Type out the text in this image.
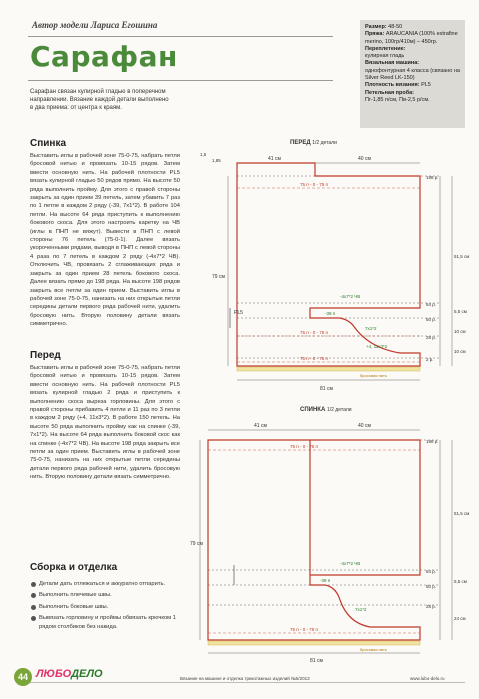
Автор модели Лариса Егошина
Сарафан
Размер: 48-50
Пряжа: ARAUCANIA (100% extrafine merino, 100гр/410м) – 450гр.
Переплетение:
кулирная гладь
Вязальная машина:
однофонтурная 4 класса (связано на Silver Reed LK-150)
Плотность вязания: PL5
Петельная проба:
Пг-1,85 п/см, Пв-2,5 р/см.
Сарафан связан кулирной гладью в поперечном направлении. Вязание каждой детали выполнено в два приема: от центра к краям.
Спинка
Выставить иглы в рабочей зоне 75-0-75, набрать петли бросовой нитью и провязать 10-15 рядов. Затем ввести основную нить. На рабочей плотности PL5 вязать кулирной гладью 50 рядов прямо. На высоте 50 ряда выполнить пройму. Для этого с правой стороны закрыть за один прием 39 петель, затем убавить 7 раз по 1 петле в каждом 2 ряду (-39, 7х1*2). В работе 104 петли. На высоте 64 ряда приступить к выполнению бокового скоса. Для этого настроить каретку на ЧВ (иглы в ПНП не вяжут). Вывести в ПНП с левой стороны 76 петель (75-0-1). Далее вязать укороченными рядами, выводя в ПНП с левой стороны 4 раза по 7 петель в каждом 2 ряду (-4х7*2 ЧВ). Отключить ЧВ, провязать 2 сглаживающих ряда и закрыть за один прием 28 петель бокового скоса. Далее вязать прямо до 198 ряда. На высоте 198 рядов закрыть все петли за один прием. Выставить иглы в рабочей зоне 75-0-75, нанизать на них открытые петли середины детали первого ряда рабочей нити, удалить бросовую нить. Вторую половину детали вязать симметрично.
Перед
Выставить иглы в рабочей зоне 75-0-75, набрать петли бросовой нитью и провязать 10-15 рядов. Затем ввести основную нить. На рабочей плотности PL5 вязать кулирной гладью 2 ряда и приступить к выполнению скоса выреза горловины. Для этого с правой стороны прибавить 4 петли и 11 раз по 3 петли в каждом 2 ряду (+4, 11х3*2). В работе 150 петель. На высоте 50 ряда выполнить пройму как на спинке (-39, 7х1*2). На высоте 64 ряда выполнить боковой скос как на спинке (-4х7*2 ЧВ). На высоте 198 ряда закрыть все петли за один прием. Выставить иглы в рабочей зоне 75-0-75, нанизать на них открытые петли середины детали первого ряда рабочей нити, удалить бросовую нить. Вторую половину детали вязать симметрично.
Сборка и отделка
Детали дать отлежаться и аккуратно отпарить.
Выполнить плечевые швы.
Выполнить боковые швы.
Вывязать горловину и проймы обвязать крючком 1 рядом столбиков без накида.
ПЕРЕД 1/2 детали
PL5
41 см	40 см
81 см
79 см
198 р.
64 р.
50 р.
28 р.
2 р.
51,5 см
5,5 см
10 см
10 см
75 п - 0 - 75 п
75 п - 0 - 75 п
75 п - 0 - 75 п
-4х7*2 ЧВ
-39 п
+4, 11х3*2
7х1*2
бросовая нить
1,5
1,85
СПИНКА 1/2 детали
41 см	40 см
81 см
79 см
198 р.
64 р.
50 р.
28 р.
51,5 см
5,5 см
24 см
75 п - 0 - 75 п
75 п - 0 - 75 п
-4х7*2 ЧВ
-39 п
7х1*2
бросовая нить
44 ЛЮБОДЕЛО	Вязание на машине и отделка трикотажных изделий №5/2013	www.lubo-delo.ru
